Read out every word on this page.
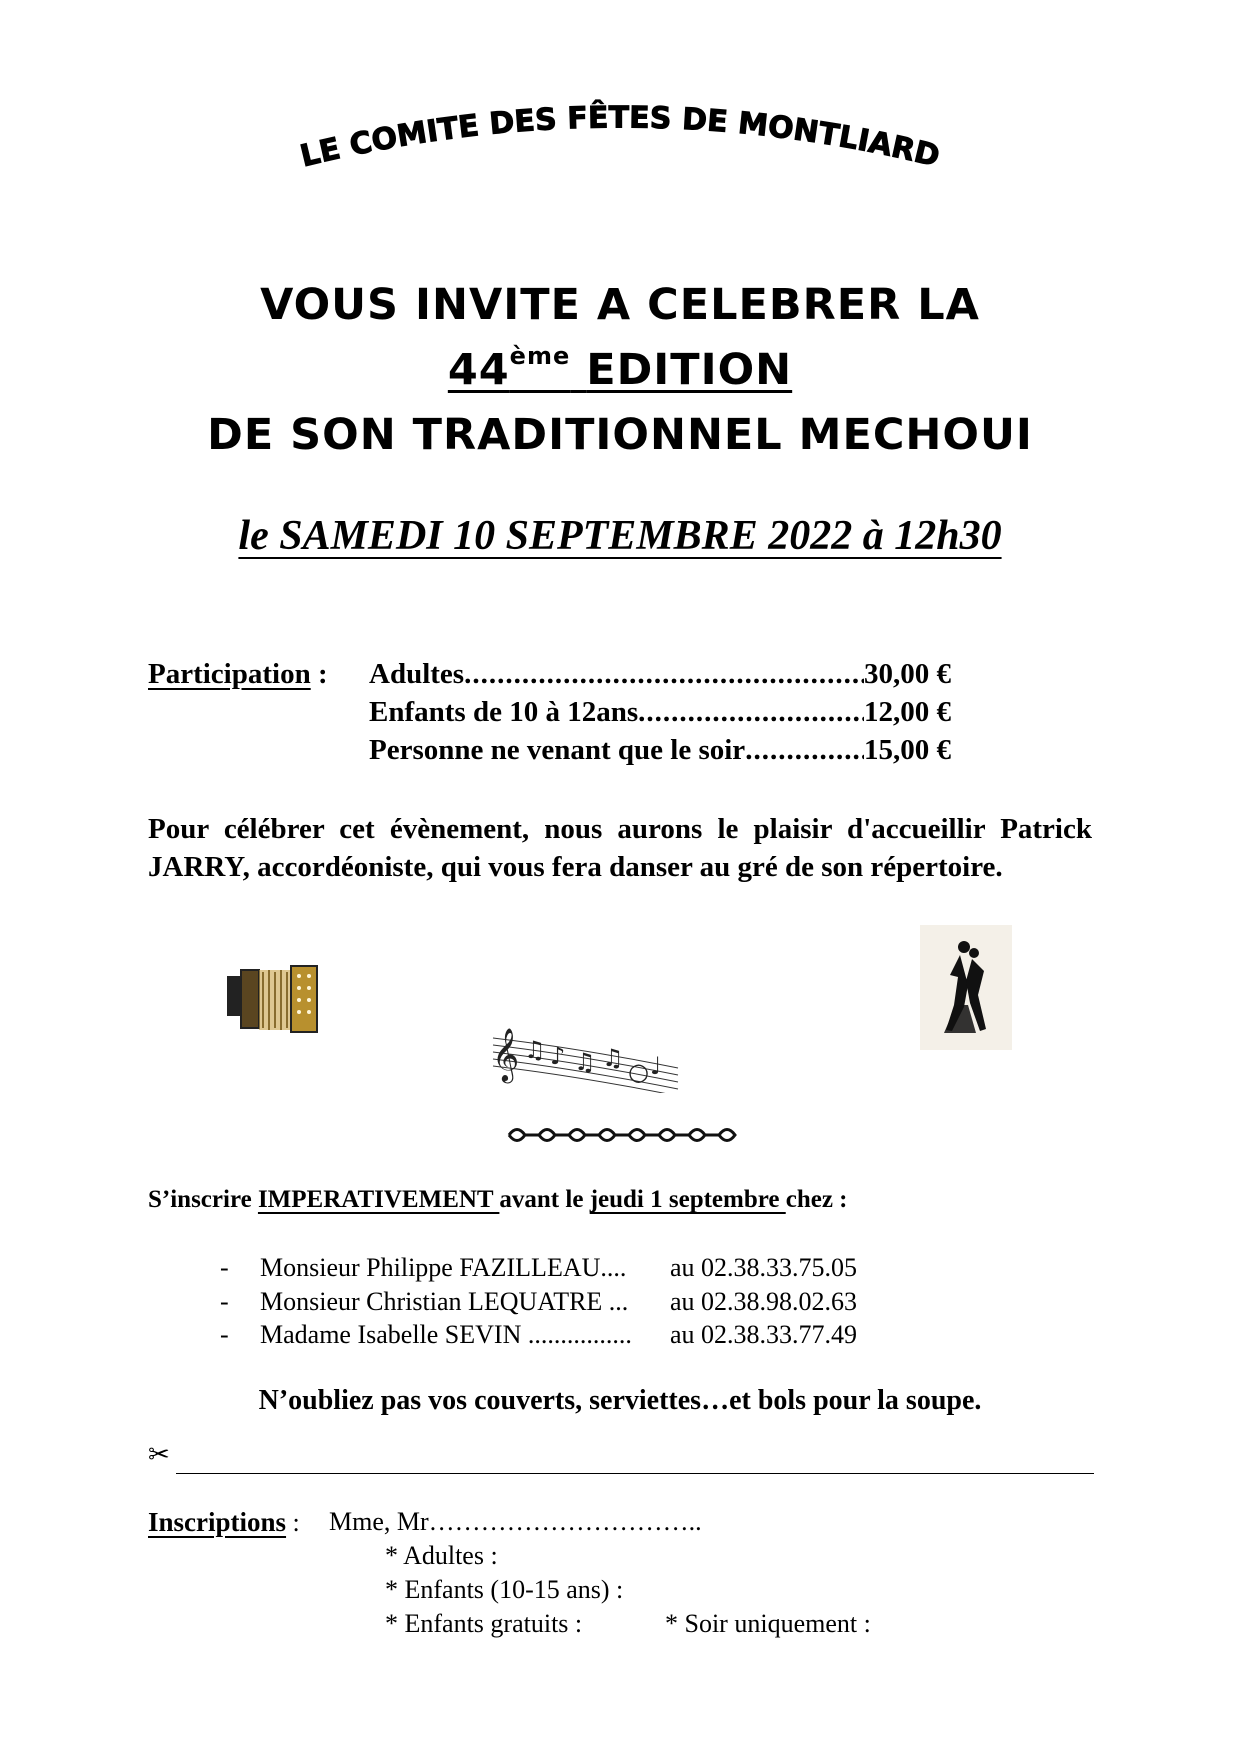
LE COMITE DES FÊTES DE MONTLIARD
VOUS INVITE A CELEBRER LA
44ème EDITION
DE SON TRADITIONNEL MECHOUI
le SAMEDI 10 SEPTEMBRE 2022 à 12h30
Participation : Adultes .....	30,00 €
Enfants de 10 à 12ans .....	12,00 €
Personne ne venant que le soir .....	15,00 €
Pour célébrer cet évènement, nous aurons le plaisir d'accueillir Patrick JARRY, accordéoniste, qui vous fera danser au gré de son répertoire.
𝄞 ♫ ♪ ♫ ♫ ○ ♩
S’inscrire IMPERATIVEMENT avant le jeudi 1 septembre chez :
-	Monsieur Philippe FAZILLEAU....	au 02.38.33.75.05
-	Monsieur Christian LEQUATRE ...	au 02.38.98.02.63
-	Madame Isabelle SEVIN ................	au 02.38.33.77.49
N’oubliez pas vos couverts, serviettes…et bols pour la soupe.
✂
Inscriptions : Mme, Mr…………………………..
* Adultes :
* Enfants (10-15 ans) :
* Enfants gratuits :	* Soir uniquement :
